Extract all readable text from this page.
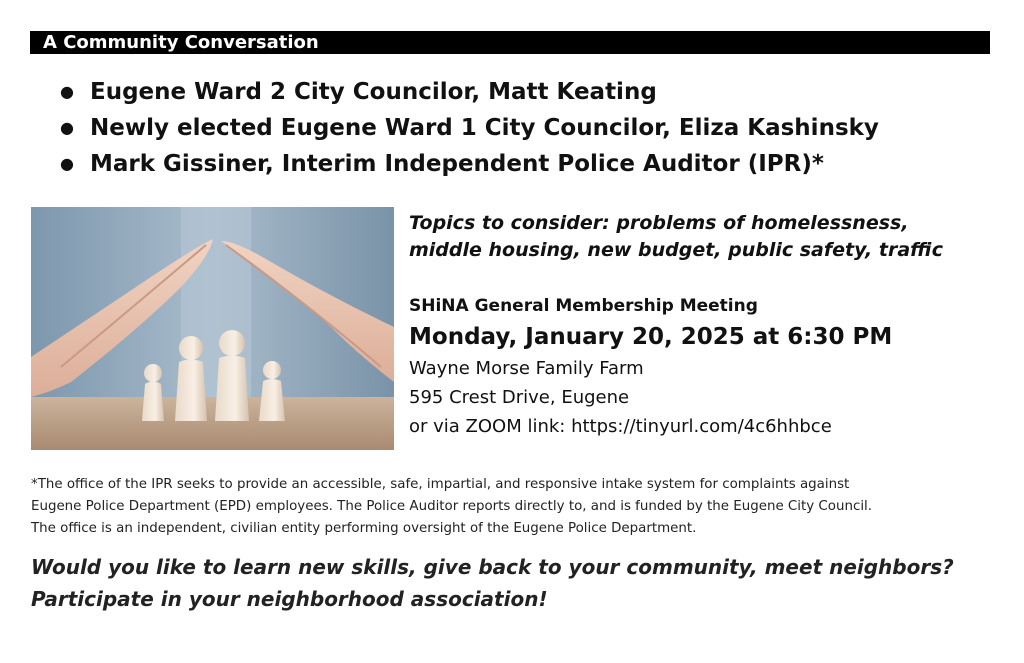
A Community Conversation
● Eugene Ward 2 City Councilor, Matt Keating
● Newly elected Eugene Ward 1 City Councilor, Eliza Kashinsky
● Mark Gissiner, Interim Independent Police Auditor (IPR)*
Topics to consider: problems of homelessness,
middle housing, new budget, public safety, traffic
SHiNA General Membership Meeting
Monday, January 20, 2025 at 6:30 PM
Wayne Morse Family Farm
595 Crest Drive, Eugene
or via ZOOM link: https://tinyurl.com/4c6hhbce
*The office of the IPR seeks to provide an accessible, safe, impartial, and responsive intake system for complaints against
Eugene Police Department (EPD) employees. The Police Auditor reports directly to, and is funded by the Eugene City Council.
The office is an independent, civilian entity performing oversight of the Eugene Police Department.
Would you like to learn new skills, give back to your community, meet neighbors?
Participate in your neighborhood association!
